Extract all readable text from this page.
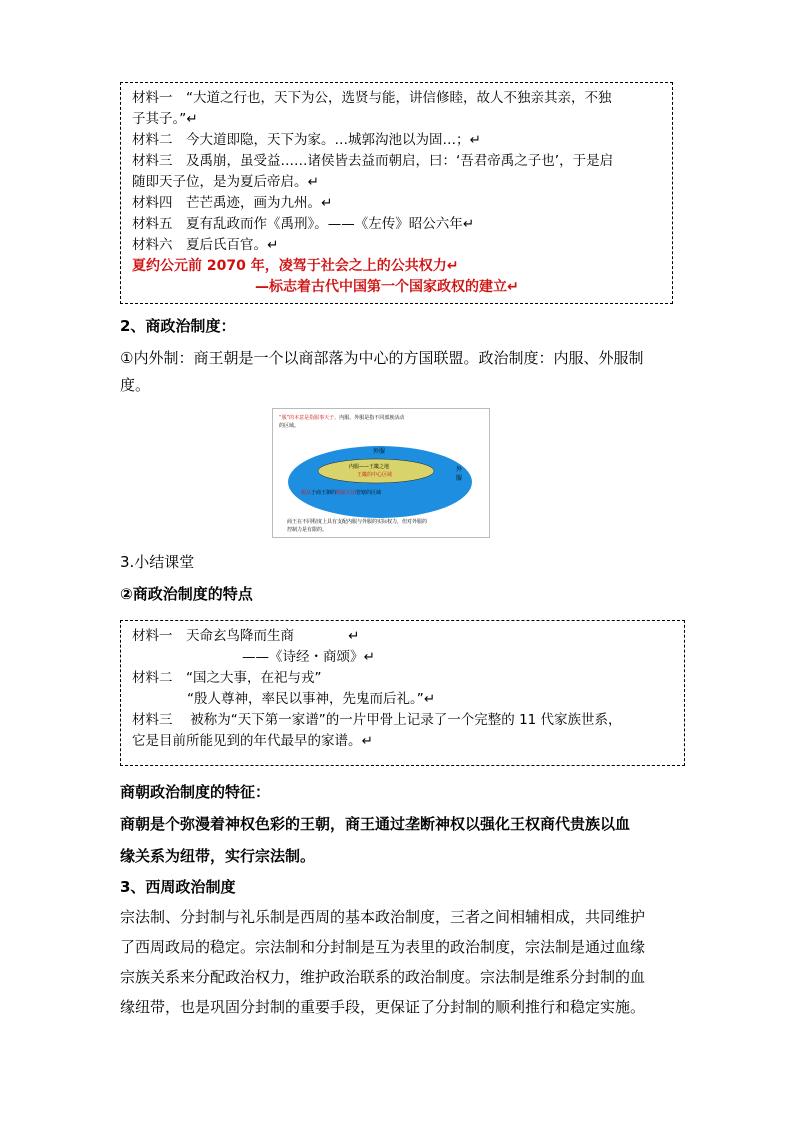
材料一　“大道之行也，天下为公，选贤与能，讲信修睦，故人不独亲其亲，不独
子其子。”↵
材料二　今大道即隐，天下为家。…城郭沟池以为固…；↵
材料三　及禹崩，虽受益……诸侯皆去益而朝启，曰：‘吾君帝禹之子也’，于是启
随即天子位，是为夏后帝启。↵
材料四　芒芒禹迹，画为九州。↵
材料五　夏有乱政而作《禹刑》。——《左传》昭公六年↵
材料六　夏后氏百官。↵
夏约公元前 2070 年，凌驾于社会之上的公共权力↵
—标志着古代中国第一个国家政权的建立↵
2、商政治制度：
①内外制：商王朝是一个以商部落为中心的方国联盟。政治制度：内服、外服制
度。
“服”的本意是指服事天子。内服、外服是指不同部族活动
的区域。
外服
外
服
内服——王畿之地
王畿的中心区域
服从于商王朝的附属方国管辖的区域
商王在不同程度上具有支配内服与外服的实际权力，但对外服的
控制力是有限的。
3.小结课堂
②商政治制度的特点
材料一　天命玄鸟降而生商　　　　↵
——《诗经・商颂》↵
材料二　“国之大事，在祀与戎”
“殷人尊神，率民以事神，先鬼而后礼。”↵
材料三　 被称为“天下第一家谱”的一片甲骨上记录了一个完整的 11 代家族世系，
它是目前所能见到的年代最早的家谱。↵
商朝政治制度的特征：
商朝是个弥漫着神权色彩的王朝，商王通过垄断神权以强化王权商代贵族以血
缘关系为纽带，实行宗法制。
3、西周政治制度
宗法制、分封制与礼乐制是西周的基本政治制度，三者之间相辅相成，共同维护
了西周政局的稳定。宗法制和分封制是互为表里的政治制度，宗法制是通过血缘
宗族关系来分配政治权力，维护政治联系的政治制度。宗法制是维系分封制的血
缘纽带，也是巩固分封制的重要手段，更保证了分封制的顺利推行和稳定实施。
